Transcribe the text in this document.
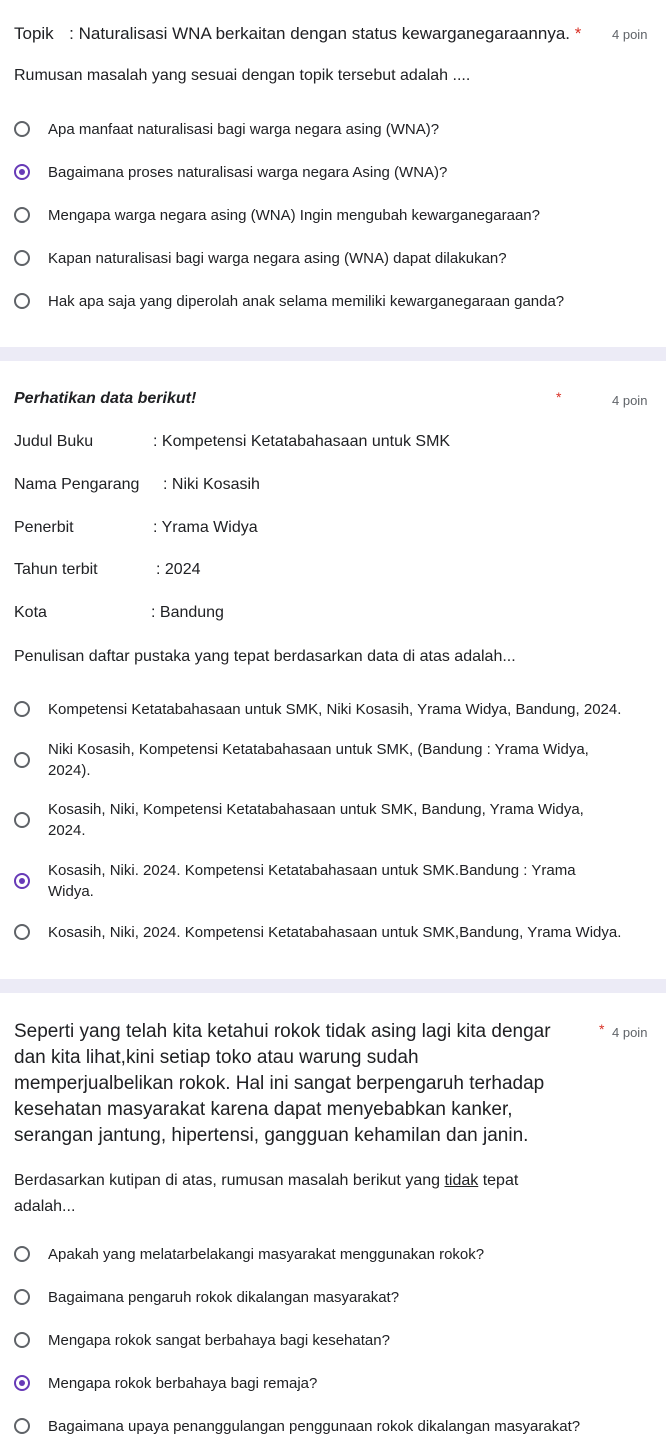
Topik : Naturalisasi WNA berkaitan dengan status kewarganegaraannya. * 4 poin
Rumusan masalah yang sesuai dengan topik tersebut adalah ....
Apa manfaat naturalisasi bagi warga negara asing (WNA)?
Bagaimana proses naturalisasi warga negara Asing (WNA)?
Mengapa warga negara asing (WNA) Ingin mengubah kewarganegaraan?
Kapan naturalisasi bagi warga negara asing (WNA) dapat dilakukan?
Hak apa saja yang diperolah anak selama memiliki kewarganegaraan ganda?
Perhatikan data berikut!	*	4 poin
Judul Buku	: Kompetensi Ketatabahasaan untuk SMK
Nama Pengarang : Niki Kosasih
Penerbit	: Yrama Widya
Tahun terbit	: 2024
Kota	: Bandung
Penulisan daftar pustaka yang tepat berdasarkan data di atas adalah...
Kompetensi Ketatabahasaan untuk SMK, Niki Kosasih, Yrama Widya, Bandung, 2024.
Niki Kosasih, Kompetensi Ketatabahasaan untuk SMK, (Bandung : Yrama Widya,
2024).
Kosasih, Niki, Kompetensi Ketatabahasaan untuk SMK, Bandung, Yrama Widya,
2024.
Kosasih, Niki. 2024. Kompetensi Ketatabahasaan untuk SMK.Bandung : Yrama
Widya.
Kosasih, Niki, 2024. Kompetensi Ketatabahasaan untuk SMK,Bandung, Yrama Widya.
Seperti yang telah kita ketahui rokok tidak asing lagi kita dengar
dan kita lihat,kini setiap toko atau warung sudah
memperjualbelikan rokok. Hal ini sangat berpengaruh terhadap
kesehatan masyarakat karena dapat menyebabkan kanker,
serangan jantung, hipertensi, gangguan kehamilan dan janin.
* 4 poin
Berdasarkan kutipan di atas, rumusan masalah berikut yang tidak tepat
adalah...
Apakah yang melatarbelakangi masyarakat menggunakan rokok?
Bagaimana pengaruh rokok dikalangan masyarakat?
Mengapa rokok sangat berbahaya bagi kesehatan?
Mengapa rokok berbahaya bagi remaja?
Bagaimana upaya penanggulangan penggunaan rokok dikalangan masyarakat?
